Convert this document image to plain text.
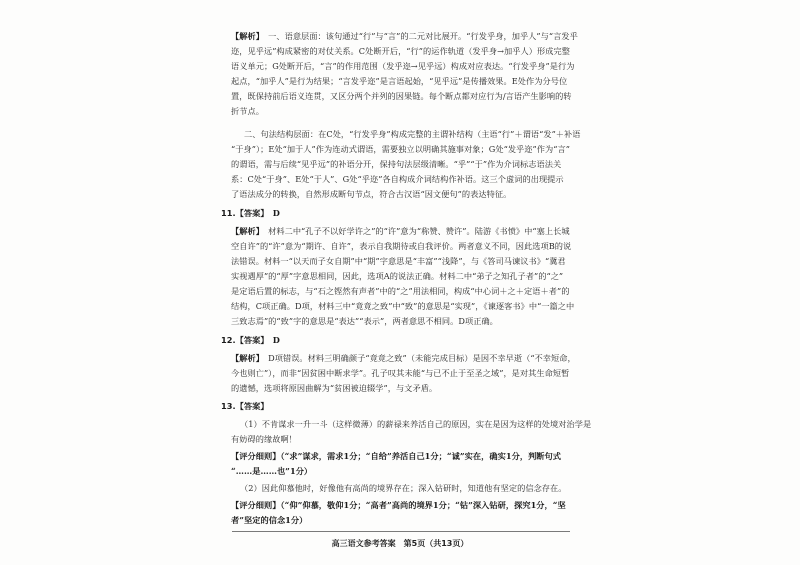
【解析】　 一、语意层面：该句通过“行”与“言”的二元对比展开。“行发乎身，加乎人”与“言发乎
迩，见乎远”构成紧密的对仗关系。C处断开后，“行”的运作轨道（发乎身→加乎人）形成完整
语义单元；G处断开后，“言”的作用范围（发乎迩→见乎远）构成对应表达。“行发乎身”是行为
起点，“加乎人”是行为结果；“言发乎迩”是言语起始，“见乎远”是传播效果。E处作为分号位
置，既保持前后语义连贯，又区分两个并列的因果链。每个断点都对应行为/言语产生影响的转
折节点。
二、句法结构层面：在C处，“行发乎身”构成完整的主谓补结构（主语“行”＋谓语“发”＋补语
“于身”）；E处“加于人”作为连动式谓语，需要独立以明确其施事对象；G处“发乎迩”作为“言”
的谓语，需与后续“见乎远”的补语分开，保持句法层级清晰。“乎”“于”作为介词标志语法关
系：C处“于身”、E处“于人”、G处“乎迩”各自构成介词结构作补语。这三个虚词的出现提示
了语法成分的转换，自然形成断句节点，符合古汉语“因文便句”的表达特征。
11.【答案】　 D
【解析】　 材料二中“孔子不以好学许之”的“许”意为“称赞、赞许”。陆游《书愤》中“塞上长城
空自许”的“许”意为“期许、自许”，表示自我期待或自我评价。两者意义不同，因此选项B的说
法错误。材料一“以天而子女自期”中“期”字意思是“丰富”“浅降”，与《答司马谏议书》“冀君
实视遇厚”的“厚”字意思相同，因此，选项A的说法正确。材料二中“弟子之知孔子者”的“之”
是定语后置的标志，与“石之铿然有声者”中的“之”用法相同，构成“中心词＋之＋定语＋者”的
结构，C项正确。D项，材料三中“竟竟之致”中“致”的意思是“实现”，《谏逐客书》中“一篇之中
三致志焉”的“致”字的意思是“表达”“表示”，两者意思不相同。D项正确。
12.【答案】　 D
【解析】　 D项错误。材料三明确颜子“竟竟之致”（未能完成目标）是因不幸早逝（“不幸短命，
今也则亡”），而非“因贫困中断求学”。孔子叹其未能“与已不止于至圣之域”，是对其生命短暂
的遗憾，选项将原因曲解为“贫困被迫辍学”，与文矛盾。
13.【答案】
（1）不肯谋求一升一斗（这样微薄）的薪禄来养活自己的原因，实在是因为这样的处境对治学是
有妨碍的缘故啊！
【评分细则】（“求”谋求，需求1分；“自给”养活自己1分；“诚”实在，确实1分，判断句式
“……是……也”1分）
（2）因此仰慕他时，好像他有高尚的境界存在；深入钻研时，知道他有坚定的信念存在。
【评分细则】（“仰”仰慕，敬仰1分；“高者”高尚的境界1分；“钻”深入钻研，探究1分，“坚
者”坚定的信念1分）
高三语文参考答案　第5页（共13页）
